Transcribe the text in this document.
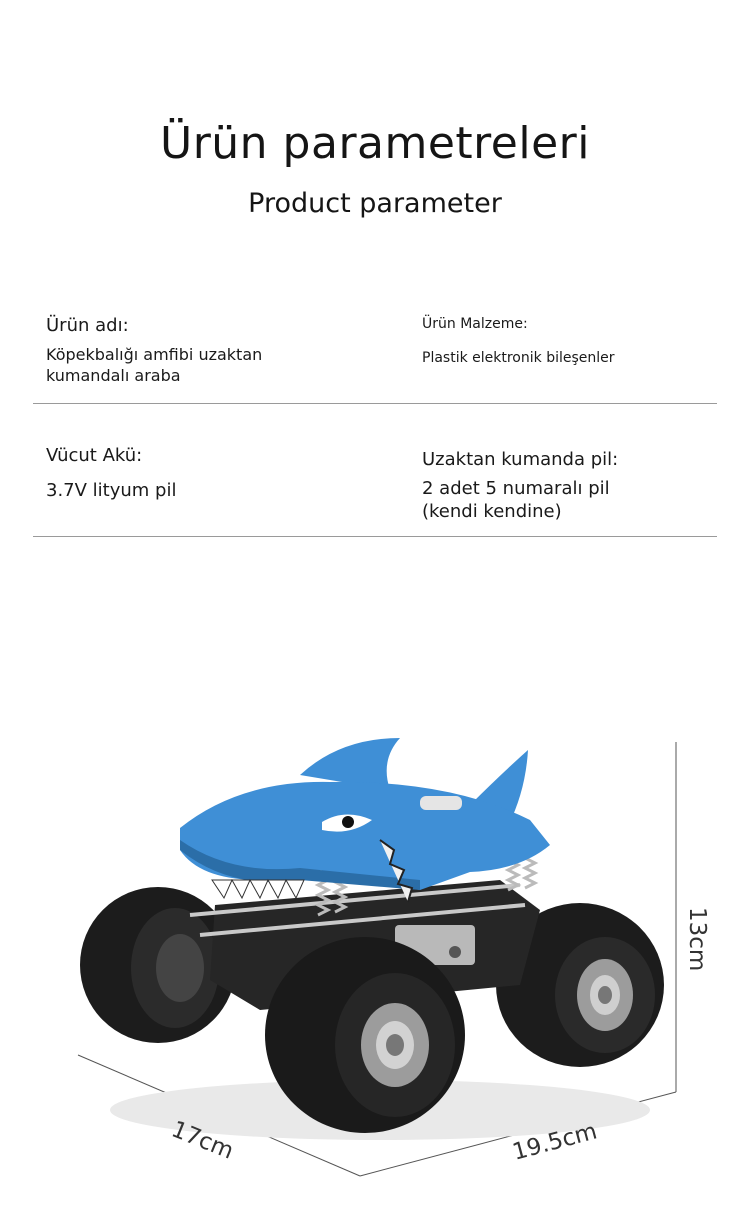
Ürün parametreleri
Product parameter
Ürün adı:
Köpekbalığı amfibi uzaktan
kumandalı araba
Ürün Malzeme:
Plastik elektronik bileşenler
Vücut Akü:
3.7V lityum pil
Uzaktan kumanda pil:
2 adet 5 numaralı pil
(kendi kendine)
13cm
17cm	19.5cm
